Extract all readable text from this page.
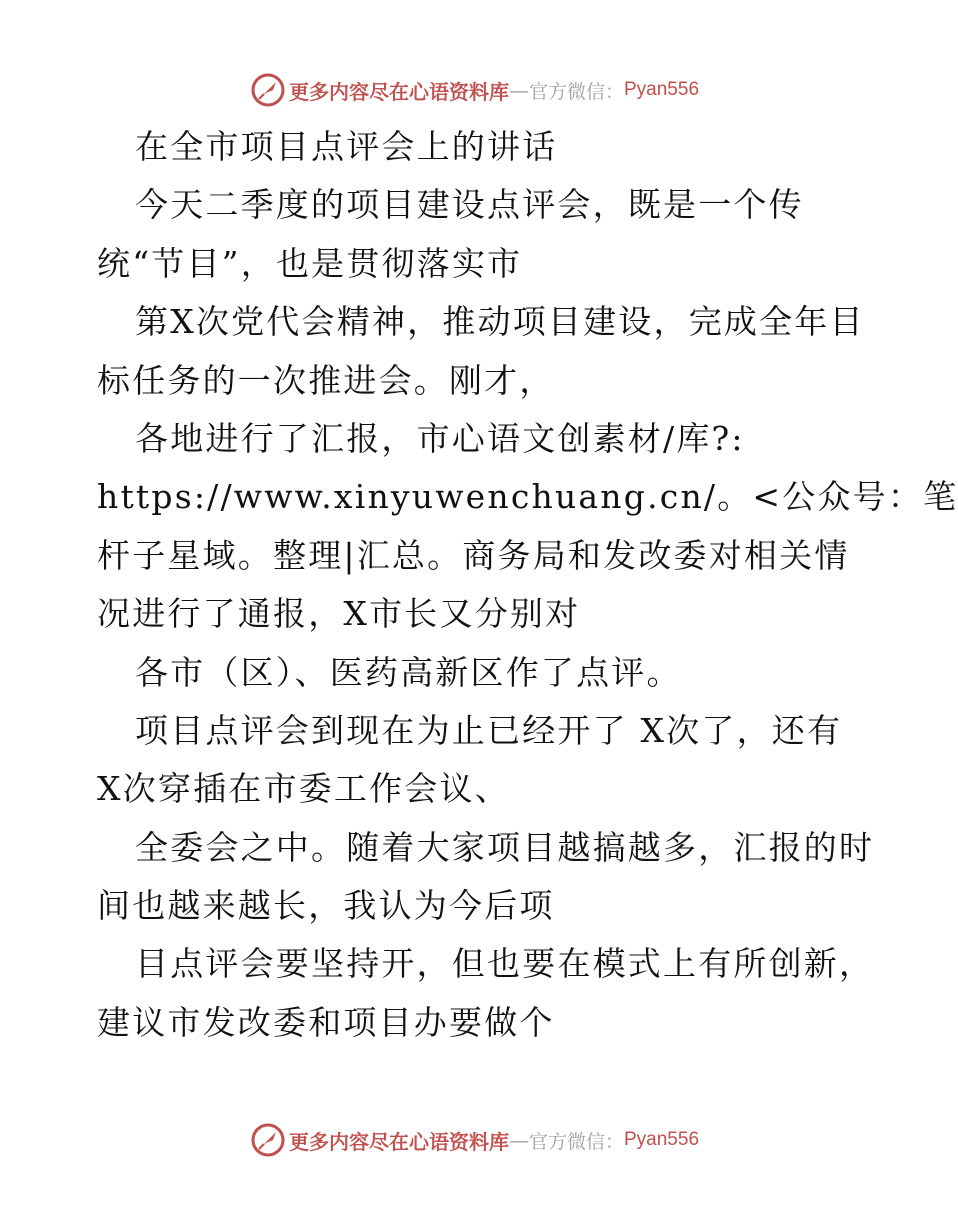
更多内容尽在心语资料库 — 官方微信： Pyan556
在全市项目点评会上的讲话
今天二季度的项目建设点评会，既是一个传
统“节目”，也是贯彻落实市
第X次党代会精神，推动项目建设，完成全年目
标任务的一次推进会。刚才，
各地进行了汇报，市心语文创素材/库?:
https://www.xinyuwenchuang.cn/。<公众号：笔
杆子星域。整理|汇总。商务局和发改委对相关情
况进行了通报，X市长又分别对
各市（区）、医药高新区作了点评。
项目点评会到现在为止已经开了 X次了，还有
X次穿插在市委工作会议、
全委会之中。随着大家项目越搞越多，汇报的时
间也越来越长，我认为今后项
目点评会要坚持开，但也要在模式上有所创新，
建议市发改委和项目办要做个
更多内容尽在心语资料库 — 官方微信： Pyan556
